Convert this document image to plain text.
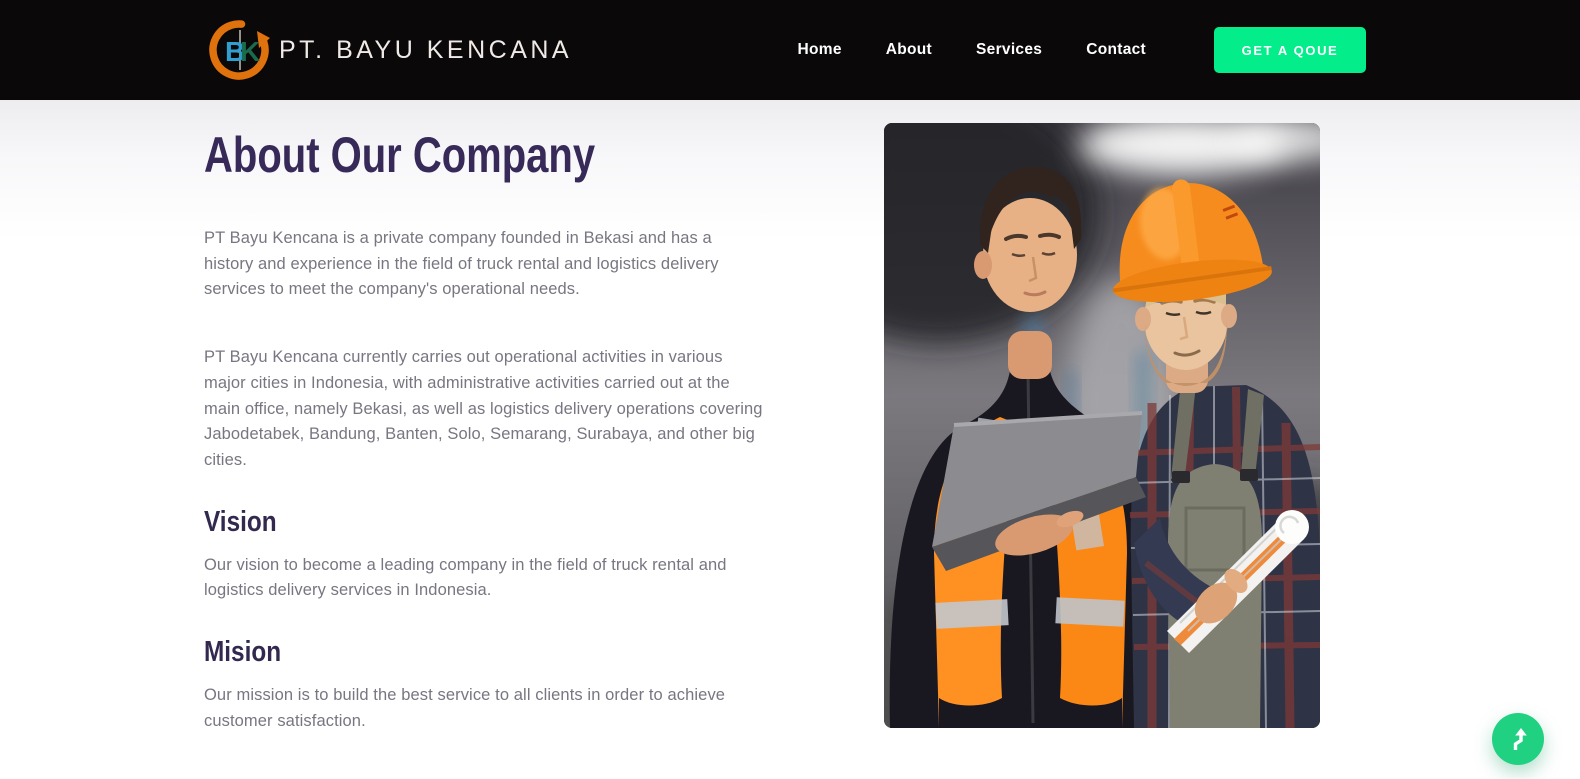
B
K PT. BAYU KENCANA	Home	About	Services	Contact	GET A QOUE
About Our Company

PT Bayu Kencana is a private company founded in Bekasi and has a history and experience in the field of truck rental and logistics delivery services to meet the company's operational needs.

PT Bayu Kencana currently carries out operational activities in various major cities in Indonesia, with administrative activities carried out at the main office, namely Bekasi, as well as logistics delivery operations covering Jabodetabek, Bandung, Banten, Solo, Semarang, Surabaya, and other big cities.

Vision

Our vision to become a leading company in the field of truck rental and logistics delivery services in Indonesia.

Mision

Our mission is to build the best service to all clients in order to achieve customer satisfaction.
